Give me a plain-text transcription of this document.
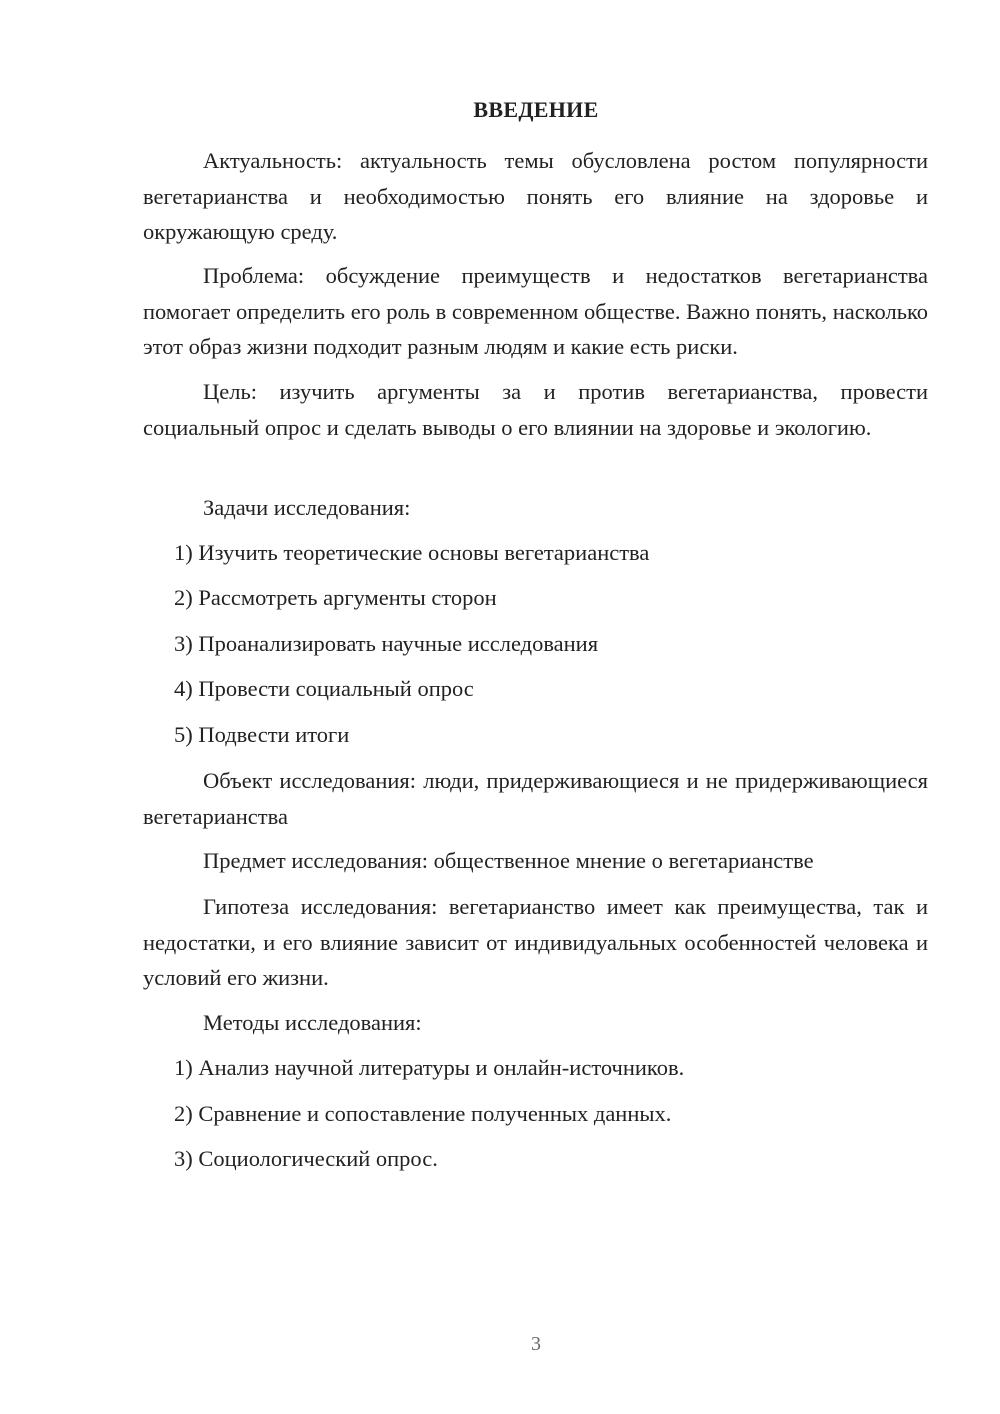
ВВЕДЕНИЕ

Актуальность: актуальность темы обусловлена ростом популярности вегетарианства и необходимостью понять его влияние на здоровье и окружающую среду.

Проблема: обсуждение преимуществ и недостатков вегетарианства помогает определить его роль в современном обществе. Важно понять, насколько этот образ жизни подходит разным людям и какие есть риски.

Цель: изучить аргументы за и против вегетарианства, провести социальный опрос и сделать выводы о его влиянии на здоровье и экологию.

Задачи исследования:

1) Изучить теоретические основы вегетарианства

2) Рассмотреть аргументы сторон

3) Проанализировать научные исследования

4) Провести социальный опрос

5) Подвести итоги

Объект исследования: люди, придерживающиеся и не придерживающиеся вегетарианства

Предмет исследования: общественное мнение о вегетарианстве

Гипотеза исследования: вегетарианство имеет как преимущества, так и недостатки, и его влияние зависит от индивидуальных особенностей человека и условий его жизни.

Методы исследования:

1) Анализ научной литературы и онлайн-источников.

2) Сравнение и сопоставление полученных данных.

3) Социологический опрос.

3
